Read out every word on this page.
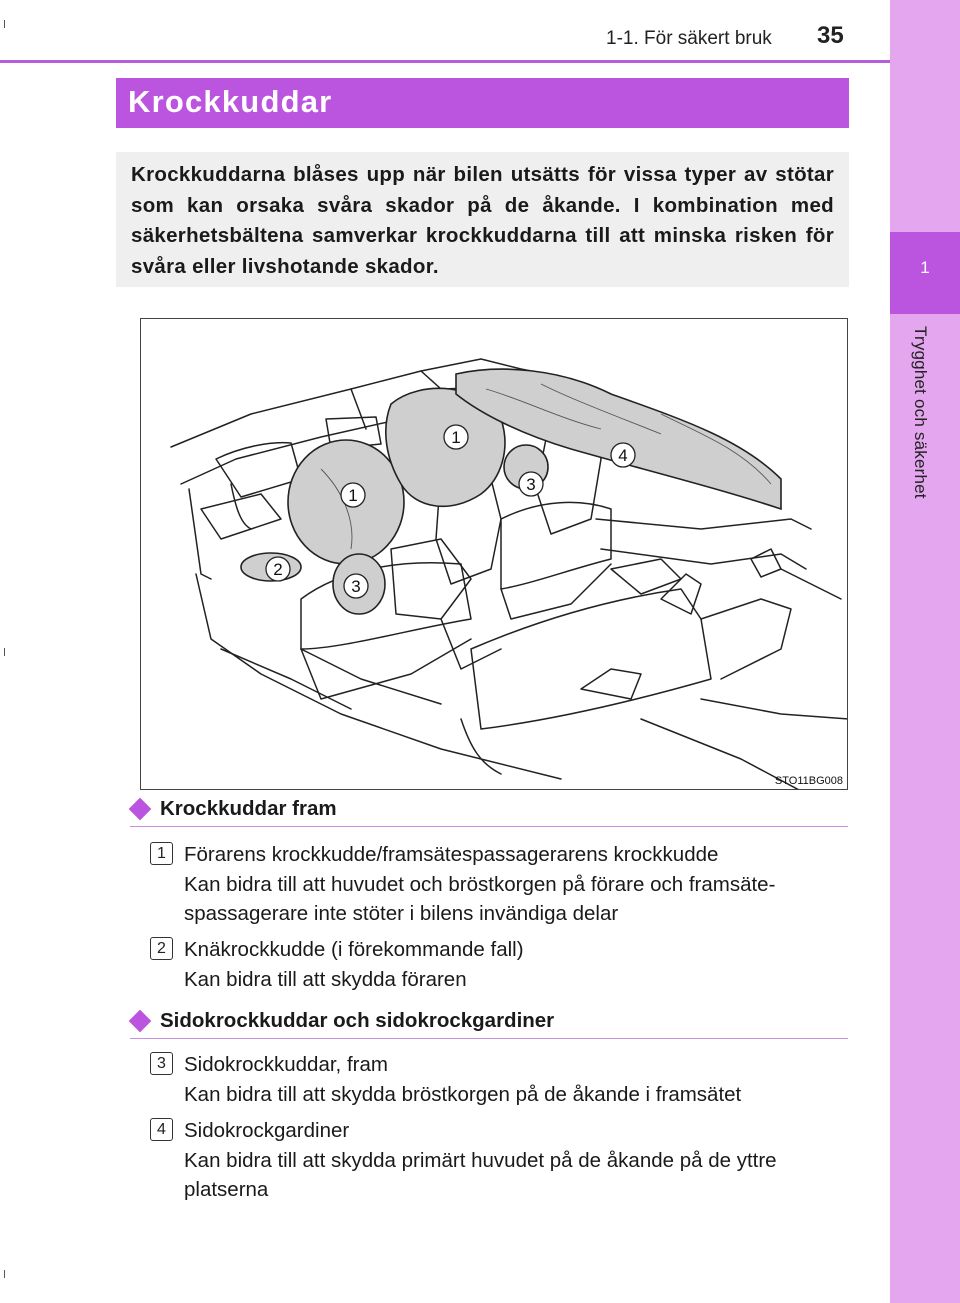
1
Trygghet och säkerhet
1-1. För säkert bruk 35
Krockkuddar

Krockkuddarna blåses upp när bilen utsätts för vissa typer av stötar som kan orsaka svåra skador på de åkande. I kombination med säkerhetsbältena samverkar krockkuddarna till att minska risken för svåra eller livshotande skador.

1
1
2
3
3
4
STO11BG008
Krockkuddar fram
1 Förarens krockkudde/framsätespassagerarens krockkudde
Kan bidra till att huvudet och bröstkorgen på förare och framsäte-spassagerare inte stöter i bilens invändiga delar
2 Knäkrockkudde (i förekommande fall)
Kan bidra till att skydda föraren
Sidokrockkuddar och sidokrockgardiner
3 Sidokrockkuddar, fram
Kan bidra till att skydda bröstkorgen på de åkande i framsätet
4 Sidokrockgardiner
Kan bidra till att skydda primärt huvudet på de åkande på de yttre platserna
